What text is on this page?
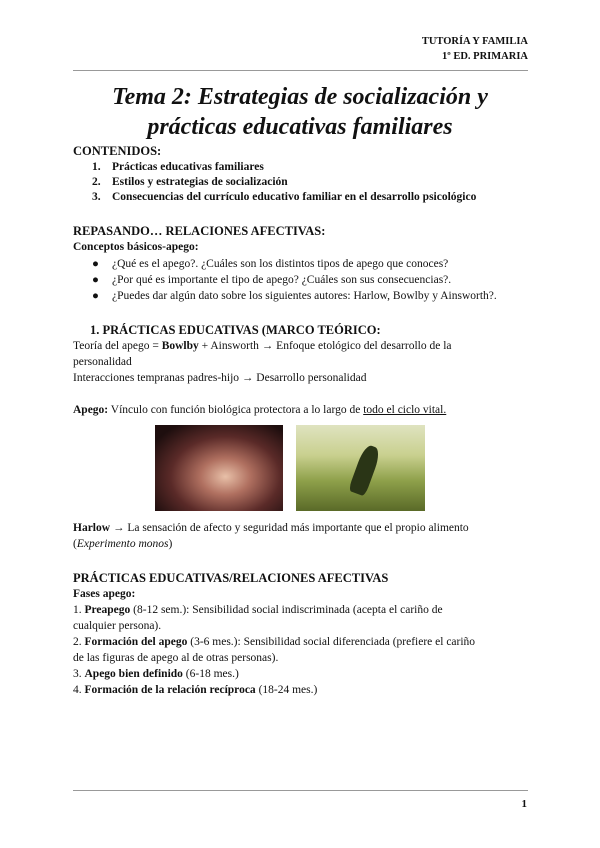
TUTORÍA Y FAMILIA
1º ED. PRIMARIA
Tema 2: Estrategias de socialización y
prácticas educativas familiares
CONTENIDOS:
1. Prácticas educativas familiares
2. Estilos y estrategias de socialización
3. Consecuencias del currículo educativo familiar en el desarrollo psicológico
REPASANDO… RELACIONES AFECTIVAS:
Conceptos básicos-apego:
● ¿Qué es el apego?. ¿Cuáles son los distintos tipos de apego que conoces?
● ¿Por qué es importante el tipo de apego? ¿Cuáles son sus consecuencias?.
● ¿Puedes dar algún dato sobre los siguientes autores: Harlow, Bowlby y Ainsworth?.
1. PRÁCTICAS EDUCATIVAS (MARCO TEÓRICO:
Teoría del apego = Bowlby + Ainsworth → Enfoque etológico del desarrollo de la
personalidad
Interacciones tempranas padres-hijo → Desarrollo personalidad
Apego: Vínculo con función biológica protectora a lo largo de todo el ciclo vital.
Harlow → La sensación de afecto y seguridad más importante que el propio alimento
(Experimento monos)
PRÁCTICAS EDUCATIVAS/RELACIONES AFECTIVAS
Fases apego:
1. Preapego (8-12 sem.): Sensibilidad social indiscriminada (acepta el cariño de
cualquier persona).
2. Formación del apego (3-6 mes.): Sensibilidad social diferenciada (prefiere el cariño
de las figuras de apego al de otras personas).
3. Apego bien definido (6-18 mes.)
4. Formación de la relación recíproca (18-24 mes.)
1
